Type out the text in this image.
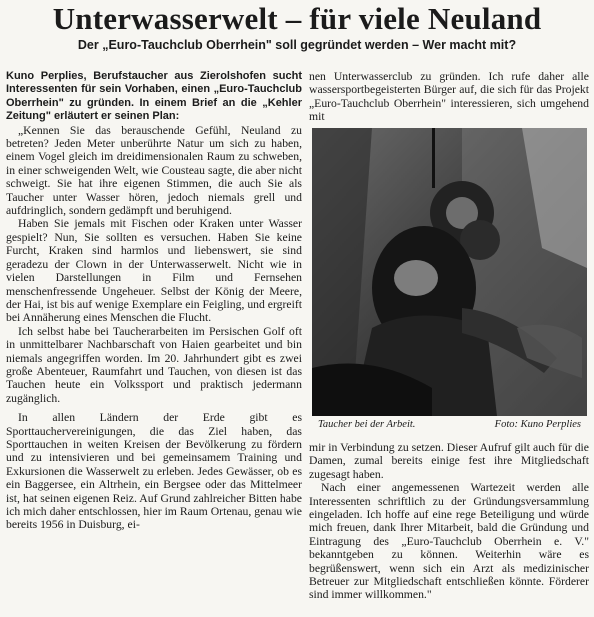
Unterwasserwelt – für viele Neuland
Der „Euro-Tauchclub Oberrhein" soll gegründet werden – Wer macht mit?

Kuno Perplies, Berufstaucher aus Zierolshofen sucht Interessenten für sein Vorhaben, einen „Euro-Tauchclub Oberrhein" zu gründen. In einem Brief an die „Kehler Zeitung" erläutert er seinen Plan:

„Kennen Sie das berauschende Gefühl, Neuland zu betreten? Jeden Meter unberührte Natur um sich zu haben, einem Vogel gleich im dreidimensionalen Raum zu schweben, in einer schweigenden Welt, wie Cousteau sagte, die aber nicht schweigt. Sie hat ihre eigenen Stimmen, die auch Sie als Taucher unter Wasser hören, jedoch niemals grell und aufdringlich, sondern gedämpft und beruhigend.

Haben Sie jemals mit Fischen oder Kraken unter Wasser gespielt? Nun, Sie sollten es versuchen. Haben Sie keine Furcht, Kraken sind harmlos und liebenswert, sie sind geradezu der Clown in der Unterwasserwelt. Nicht wie in vielen Darstellungen in Film und Fernsehen menschenfressende Ungeheuer. Selbst der König der Meere, der Hai, ist bis auf wenige Exemplare ein Feigling, und ergreift bei Annäherung eines Menschen die Flucht.

Ich selbst habe bei Taucherarbeiten im Persischen Golf oft in unmittelbarer Nachbarschaft von Haien gearbeitet und bin niemals angegriffen worden. Im 20. Jahrhundert gibt es zwei große Abenteuer, Raumfahrt und Tauchen, von diesen ist das Tauchen heute ein Volkssport und praktisch jedermann zugänglich.

In allen Ländern der Erde gibt es Sporttauchervereinigungen, die das Ziel haben, das Sporttauchen in weiten Kreisen der Bevölkerung zu fördern und zu intensivieren und bei gemeinsamem Training und Exkursionen die Wasserwelt zu erleben. Jedes Gewässer, ob es ein Baggersee, ein Altrhein, ein Bergsee oder das Mittelmeer ist, hat seinen eigenen Reiz. Auf Grund zahlreicher Bitten habe ich mich daher entschlossen, hier im Raum Ortenau, genau wie bereits 1956 in Duisburg, ei-

nen Unterwasserclub zu gründen. Ich rufe daher alle wassersportbegeisterten Bürger auf, die sich für das Projekt „Euro-Tauchclub Oberrhein" interessieren, sich umgehend mit

Taucher bei der Arbeit.	Foto: Kuno Perplies

mir in Verbindung zu setzen. Dieser Aufruf gilt auch für die Damen, zumal bereits einige fest ihre Mitgliedschaft zugesagt haben.

Nach einer angemessenen Wartezeit werden alle Interessenten schriftlich zu der Gründungsversammlung eingeladen. Ich hoffe auf eine rege Beteiligung und würde mich freuen, dank Ihrer Mitarbeit, bald die Gründung und Eintragung des „Euro-Tauchclub Oberrhein e. V." bekanntgeben zu können. Weiterhin wäre es begrüßenswert, wenn sich ein Arzt als medizinischer Betreuer zur Mitgliedschaft entschließen könnte. Förderer sind immer willkommen."
